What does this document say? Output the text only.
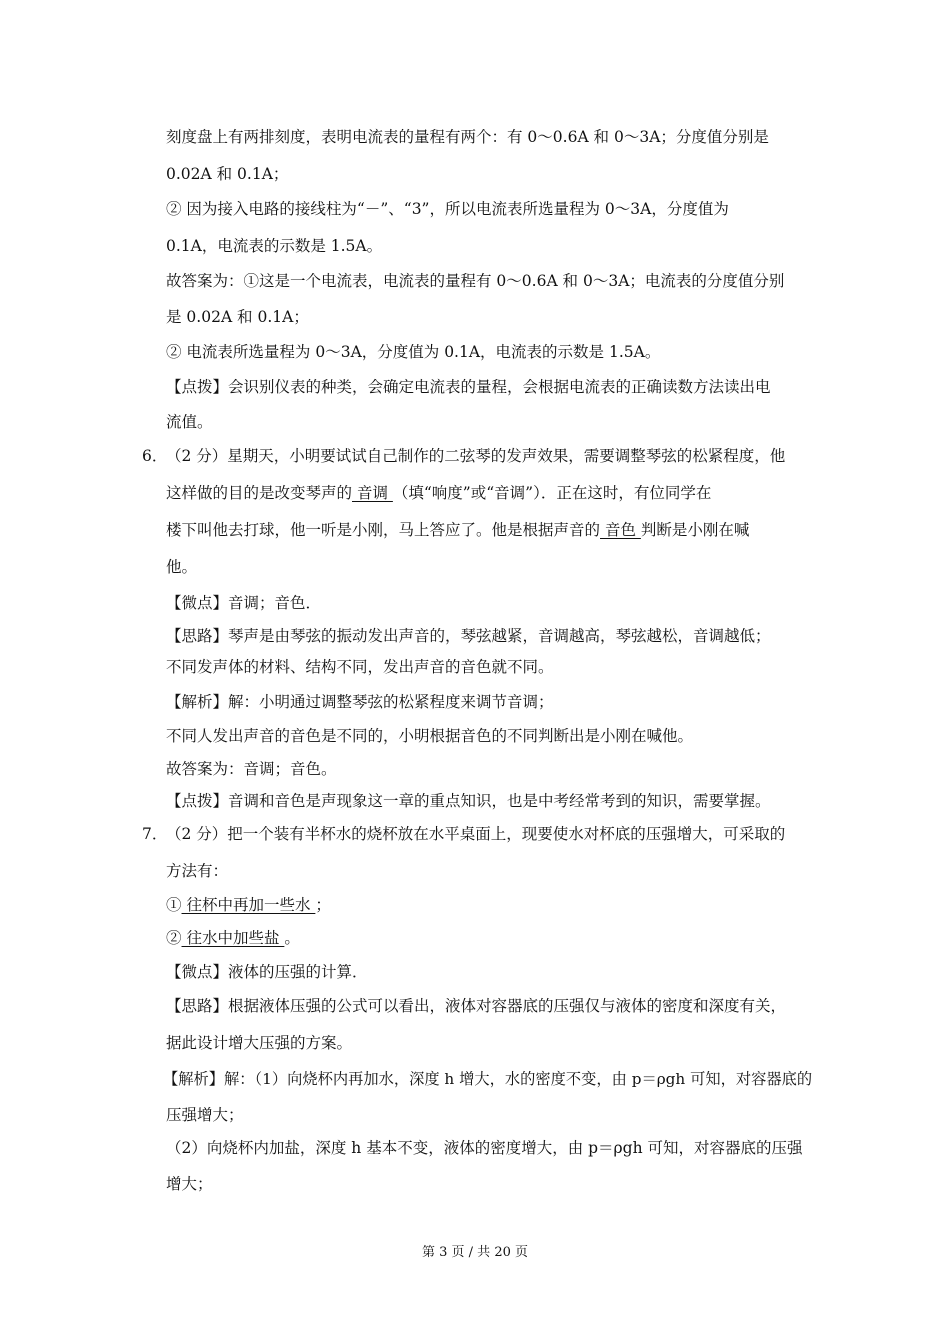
刻度盘上有两排刻度，表明电流表的量程有两个：有 0～0.6A 和 0～3A；分度值分别是
0.02A 和 0.1A；
② 因为接入电路的接线柱为“－”、“3”，所以电流表所选量程为 0～3A，分度值为
0.1A，电流表的示数是 1.5A。
故答案为：①这是一个电流表，电流表的量程有 0～0.6A 和 0～3A；电流表的分度值分别
是 0.02A 和 0.1A；
② 电流表所选量程为 0～3A，分度值为 0.1A，电流表的示数是 1.5A。
【点拨】会识别仪表的种类，会确定电流表的量程，会根据电流表的正确读数方法读出电
流值。
6．
（2 分）星期天，小明要试试自己制作的二弦琴的发声效果，需要调整琴弦的松紧程度，他
这样做的目的是改变琴声的 音调 （填“响度”或“音调”）．正在这时，有位同学在
楼下叫他去打球，他一听是小刚，马上答应了。他是根据声音的 音色 判断是小刚在喊
他。
【微点】音调；音色．
【思路】琴声是由琴弦的振动发出声音的，琴弦越紧，音调越高，琴弦越松，音调越低；
不同发声体的材料、结构不同，发出声音的音色就不同。
【解析】解：小明通过调整琴弦的松紧程度来调节音调；
不同人发出声音的音色是不同的，小明根据音色的不同判断出是小刚在喊他。
故答案为：音调；音色。
【点拨】音调和音色是声现象这一章的重点知识，也是中考经常考到的知识，需要掌握。
7．
（2 分）把一个装有半杯水的烧杯放在水平桌面上，现要使水对杯底的压强增大，可采取的
方法有：
① 往杯中再加一些水 ；
② 往水中加些盐 。
【微点】液体的压强的计算．
【思路】根据液体压强的公式可以看出，液体对容器底的压强仅与液体的密度和深度有关，
据此设计增大压强的方案。
【解析】解：（1）向烧杯内再加水，深度 h 增大，水的密度不变，由 p＝ρgh 可知，对容器底的
压强增大；
（2）向烧杯内加盐，深度 h 基本不变，液体的密度增大，由 p＝ρgh 可知，对容器底的压强
增大；
第 3 页 / 共 20 页
